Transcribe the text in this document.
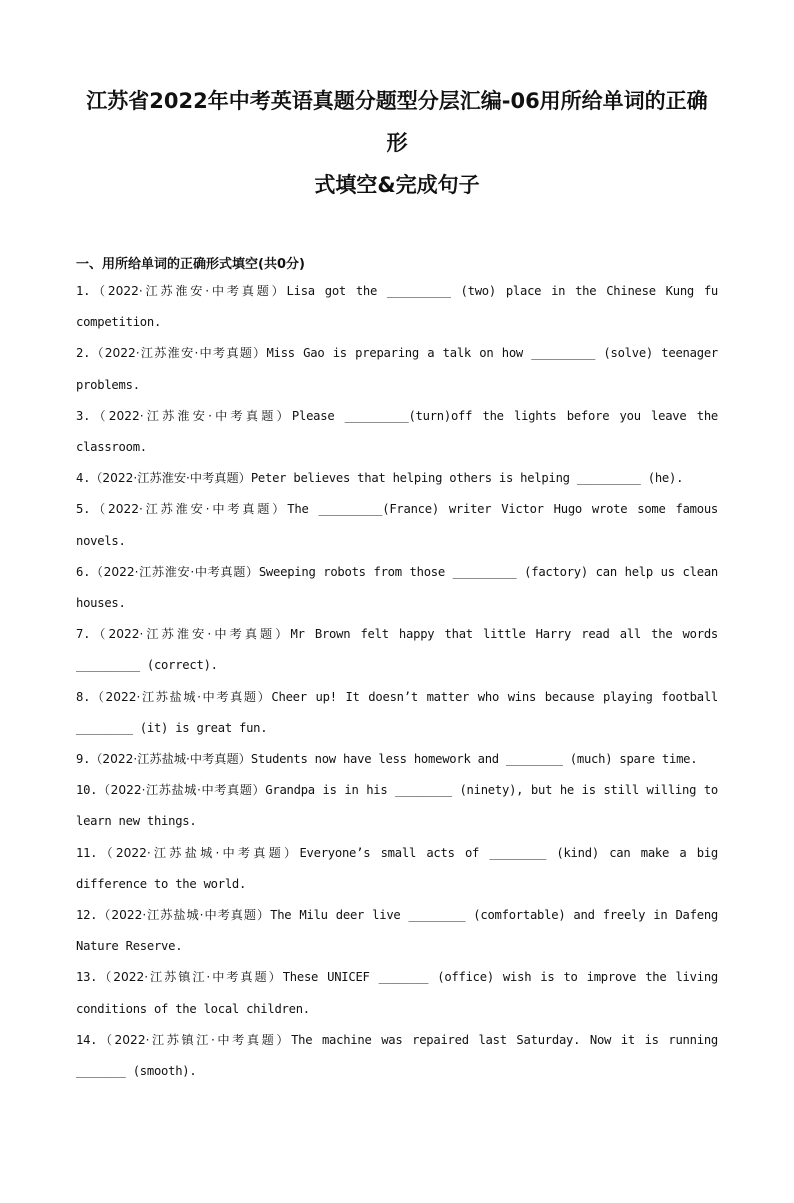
江苏省2022年中考英语真题分题型分层汇编-06用所给单词的正确形
式填空&完成句子
一、用所给单词的正确形式填空(共0分)
1.（2022·江苏淮安·中考真题）Lisa got the _________ (two) place in the Chinese Kung fu competition.
2.（2022·江苏淮安·中考真题）Miss Gao is preparing a talk on how _________ (solve) teenager problems.
3.（2022·江苏淮安·中考真题）Please _________(turn)off the lights before you leave the classroom.
4.（2022·江苏淮安·中考真题）Peter believes that helping others is helping _________ (he).
5.（2022·江苏淮安·中考真题）The _________(France) writer Victor Hugo wrote some famous novels.
6.（2022·江苏淮安·中考真题）Sweeping robots from those _________ (factory) can help us clean houses.
7.（2022·江苏淮安·中考真题）Mr Brown felt happy that little Harry read all the words _________ (correct).
8.（2022·江苏盐城·中考真题）Cheer up! It doesn’t matter who wins because playing football ________ (it) is great fun.
9.（2022·江苏盐城·中考真题）Students now have less homework and ________ (much) spare time.
10.（2022·江苏盐城·中考真题）Grandpa is in his ________ (ninety), but he is still willing to learn new things.
11.（2022·江苏盐城·中考真题）Everyone’s small acts of ________ (kind) can make a big difference to the world.
12.（2022·江苏盐城·中考真题）The Milu deer live ________ (comfortable) and freely in Dafeng Nature Reserve.
13.（2022·江苏镇江·中考真题）These UNICEF _______ (office) wish is to improve the living conditions of the local children.
14.（2022·江苏镇江·中考真题）The machine was repaired last Saturday. Now it is running _______ (smooth).
